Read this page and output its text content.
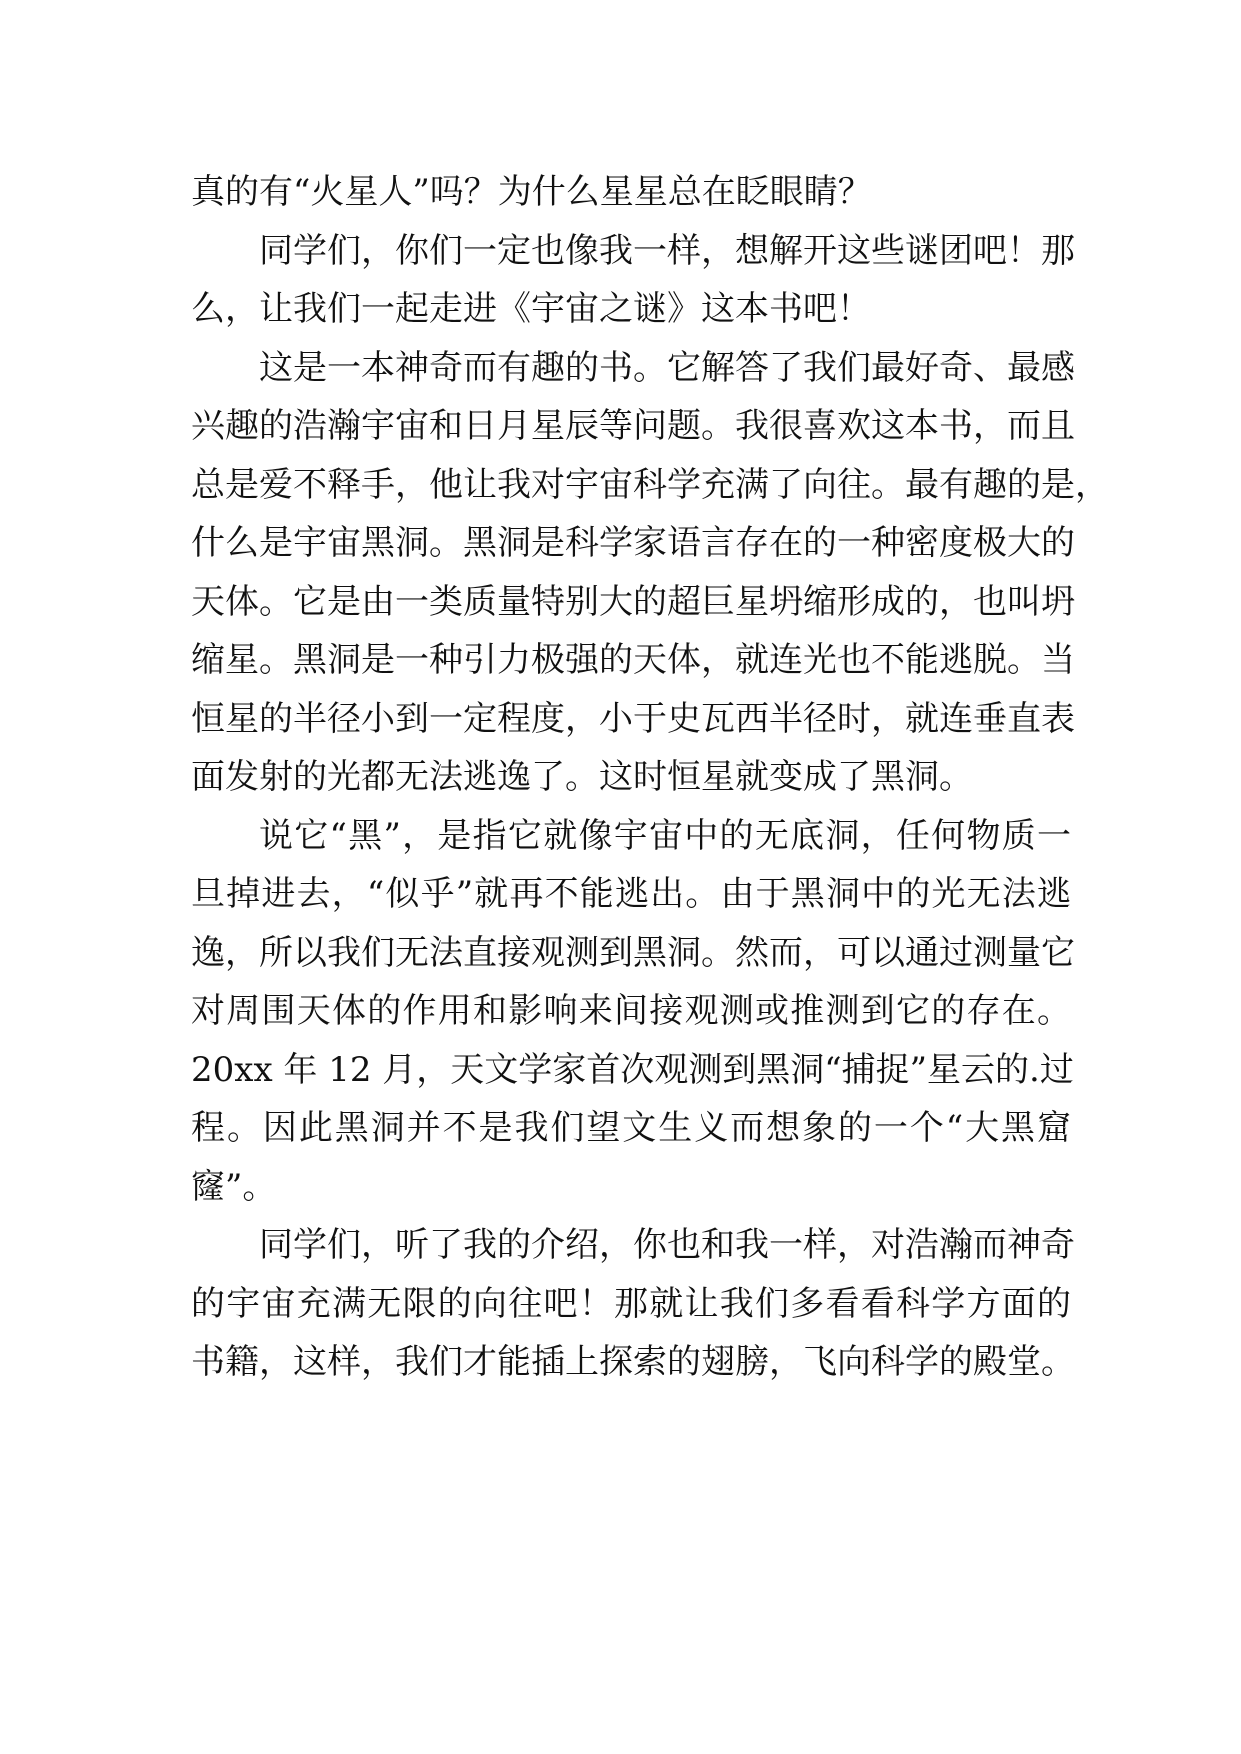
真的有“火星人”吗？为什么星星总在眨眼睛？
同学们，你们一定也像我一样，想解开这些谜团吧！那
么，让我们一起走进《宇宙之谜》这本书吧！
这是一本神奇而有趣的书。它解答了我们最好奇、最感
兴趣的浩瀚宇宙和日月星辰等问题。我很喜欢这本书，而且
总是爱不释手，他让我对宇宙科学充满了向往。最有趣的是，
什么是宇宙黑洞。黑洞是科学家语言存在的一种密度极大的
天体。它是由一类质量特别大的超巨星坍缩形成的，也叫坍
缩星。黑洞是一种引力极强的天体，就连光也不能逃脱。当
恒星的半径小到一定程度，小于史瓦西半径时，就连垂直表
面发射的光都无法逃逸了。这时恒星就变成了黑洞。
说它“黑”，是指它就像宇宙中的无底洞，任何物质一
旦掉进去，“似乎”就再不能逃出。由于黑洞中的光无法逃
逸，所以我们无法直接观测到黑洞。然而，可以通过测量它
对周围天体的作用和影响来间接观测或推测到它的存在。
20xx 年 12 月，天文学家首次观测到黑洞“捕捉”星云的.过
程。因此黑洞并不是我们望文生义而想象的一个“大黑窟
窿”。
同学们，听了我的介绍，你也和我一样，对浩瀚而神奇
的宇宙充满无限的向往吧！那就让我们多看看科学方面的
书籍，这样，我们才能插上探索的翅膀，飞向科学的殿堂。
